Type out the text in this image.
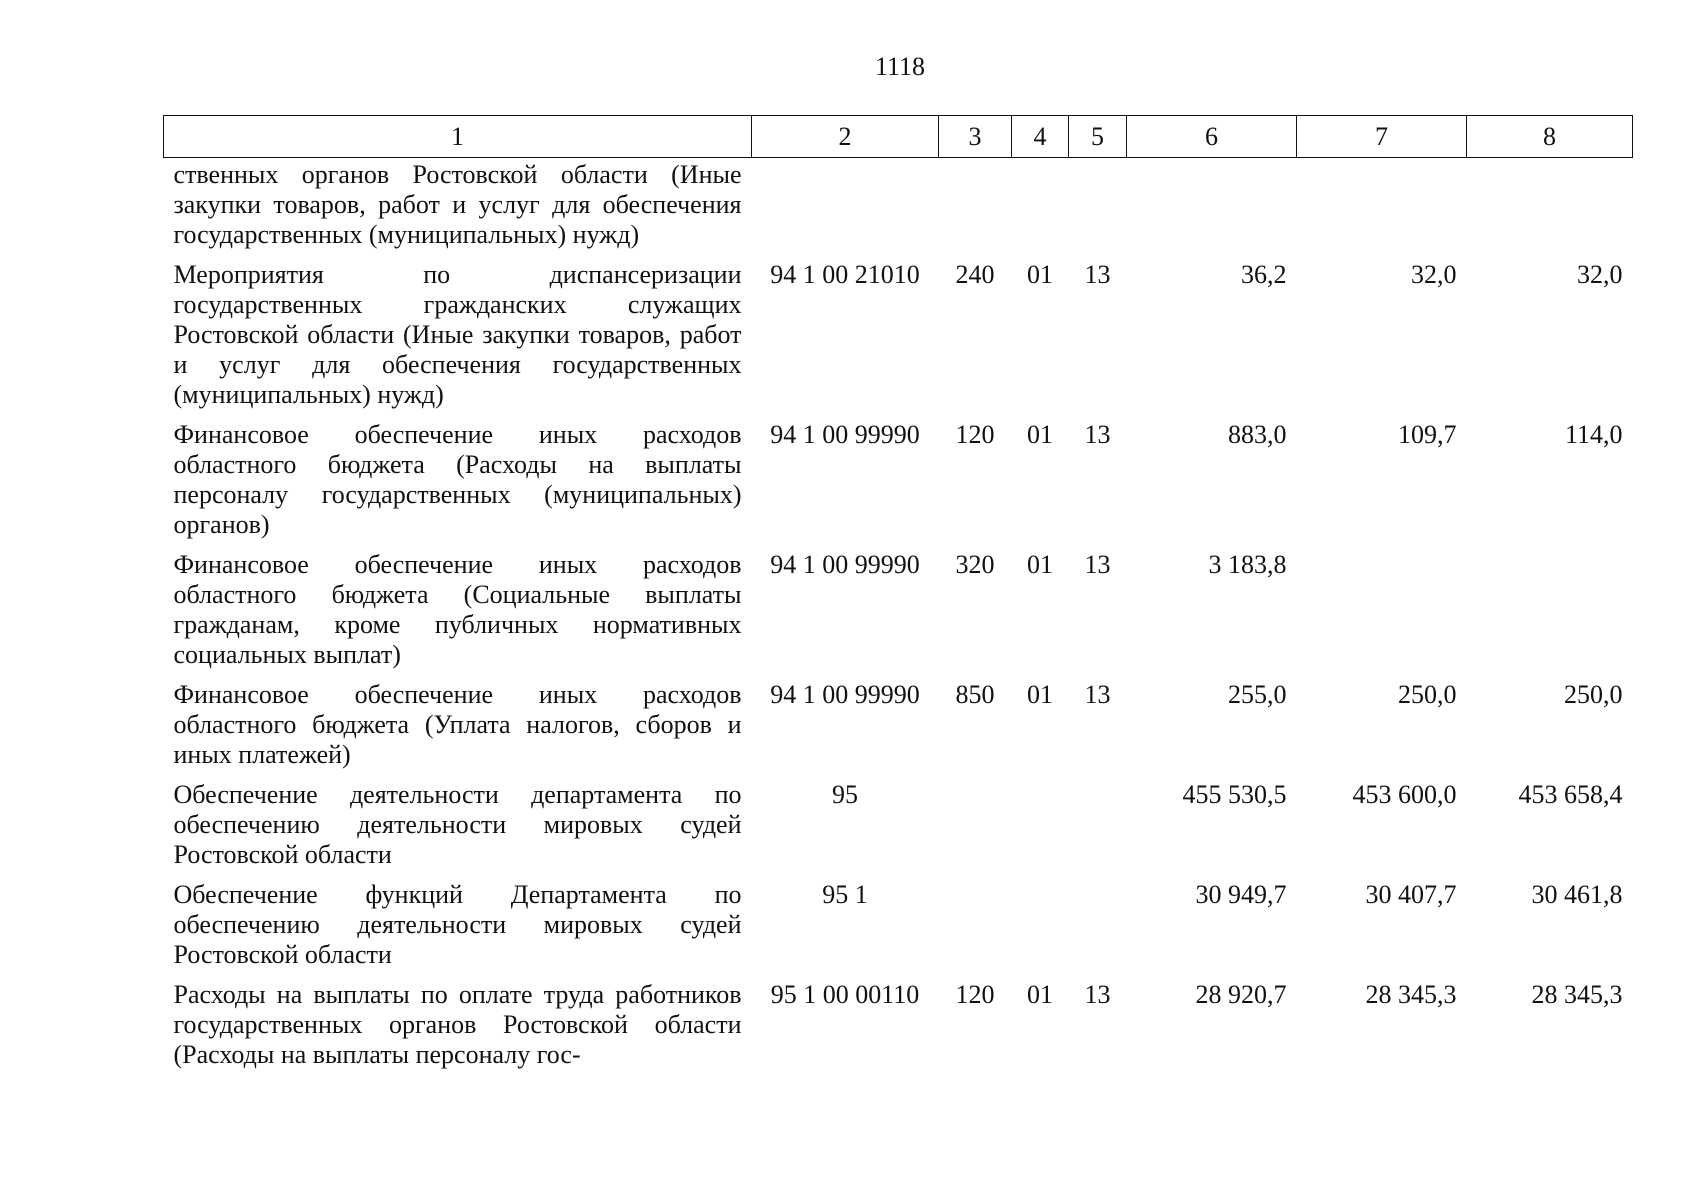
1118
1	2	3	4	5	6	7	8
ственных органов Ростовской области (Иные закупки товаров, работ и услуг для обеспечения государственных (муниципальных) нужд)							
Мероприятия по диспансеризации государственных гражданских служащих Ростовской области (Иные закупки товаров, работ и услуг для обеспечения государственных (муниципальных) нужд)	94 1 00 21010	240	01	13	36,2	32,0	32,0
Финансовое обеспечение иных расходов областного бюджета (Расходы на выплаты персоналу государственных (муниципальных) органов)	94 1 00 99990	120	01	13	883,0	109,7	114,0
Финансовое обеспечение иных расходов областного бюджета (Социальные выплаты гражданам, кроме публичных нормативных социальных выплат)	94 1 00 99990	320	01	13	3 183,8		
Финансовое обеспечение иных расходов областного бюджета (Уплата налогов, сборов и иных платежей)	94 1 00 99990	850	01	13	255,0	250,0	250,0
Обеспечение деятельности департамента по обеспечению деятельности мировых судей Ростовской области	95				455 530,5	453 600,0	453 658,4
Обеспечение функций Департамента по обеспечению деятельности мировых судей Ростовской области	95 1				30 949,7	30 407,7	30 461,8
Расходы на выплаты по оплате труда работников государственных органов Ростовской области (Расходы на выплаты персоналу гос-	95 1 00 00110	120	01	13	28 920,7	28 345,3	28 345,3
